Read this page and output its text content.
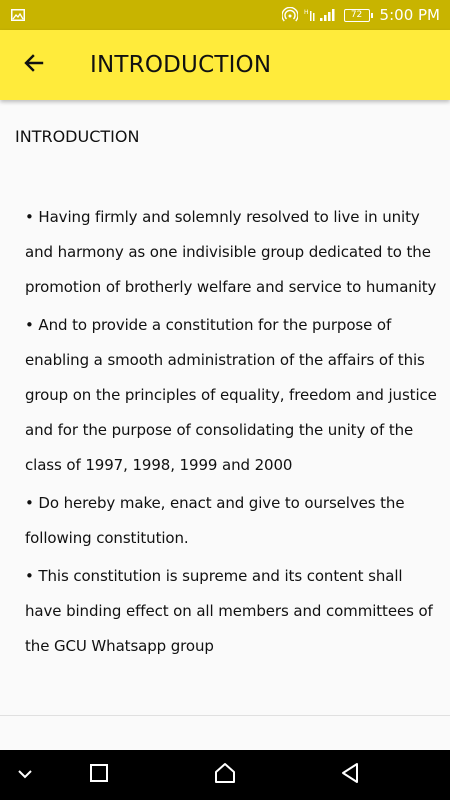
H	72	5:00 PM
INTRODUCTION
INTRODUCTION
• Having firmly and solemnly resolved to live in unity and harmony as one indivisible group dedicated to the promotion of brotherly welfare and service to humanity
• And to provide a constitution for the purpose of enabling a smooth administration of the affairs of this group on the principles of equality, freedom and justice and for the purpose of consolidating the unity of the class of 1997, 1998, 1999 and 2000
• Do hereby make, enact and give to ourselves the following constitution.
• This constitution is supreme and its content shall have binding effect on all members and committees of the GCU Whatsapp group
